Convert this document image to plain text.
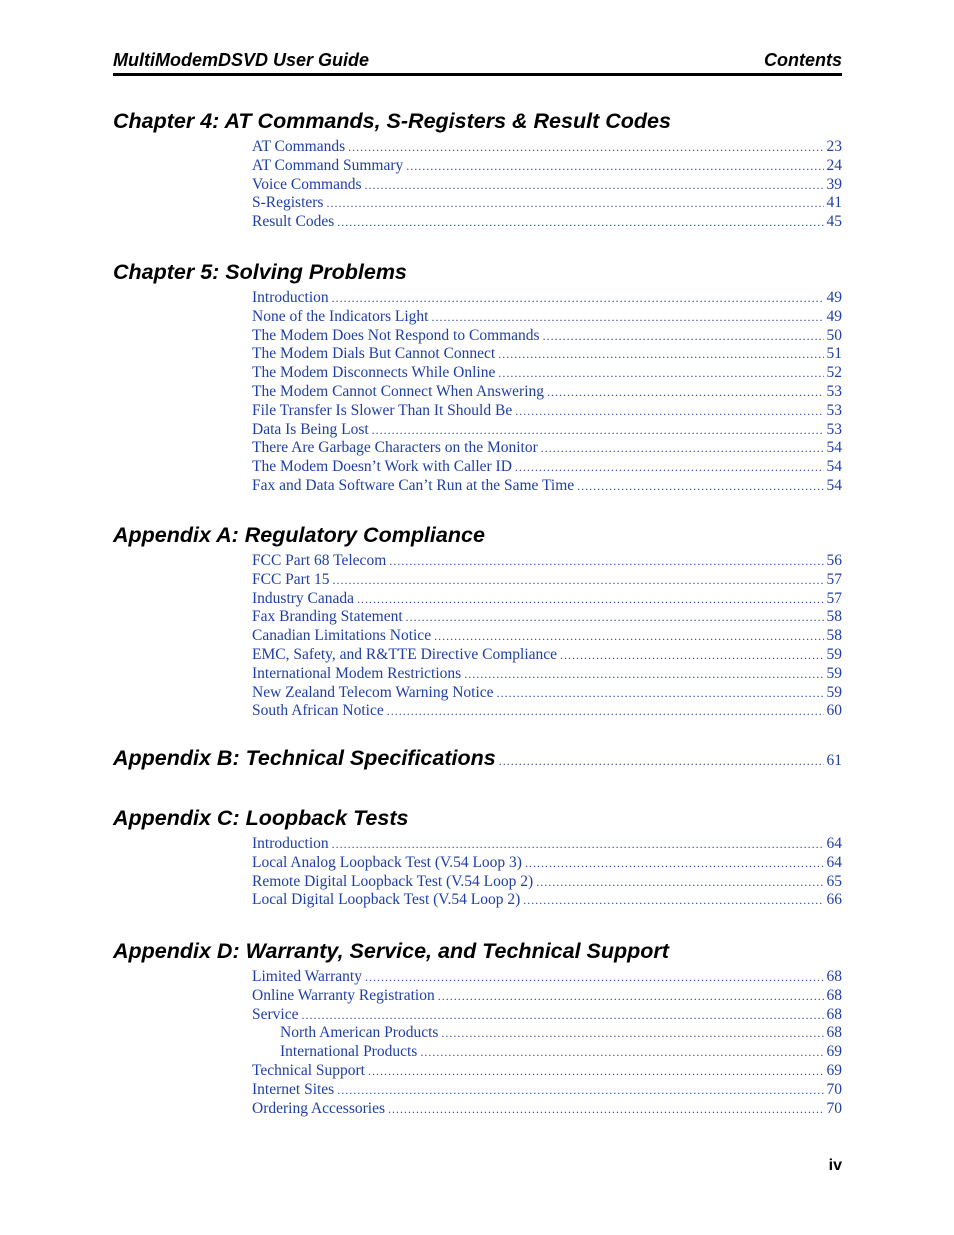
MultiModemDSVD User Guide	Contents
Chapter 4: AT Commands, S-Registers & Result Codes
AT Commands .....	23
AT Command Summary .....	24
Voice Commands .....	39
S-Registers .....	41
Result Codes .....	45
Chapter 5: Solving Problems
Introduction .....	49
None of the Indicators Light .....	49
The Modem Does Not Respond to Commands .....	50
The Modem Dials But Cannot Connect .....	51
The Modem Disconnects While Online .....	52
The Modem Cannot Connect When Answering .....	53
File Transfer Is Slower Than It Should Be .....	53
Data Is Being Lost .....	53
There Are Garbage Characters on the Monitor .....	54
The Modem Doesn’t Work with Caller ID .....	54
Fax and Data Software Can’t Run at the Same Time .....	54
Appendix A: Regulatory Compliance
FCC Part 68 Telecom .....	56
FCC Part 15 .....	57
Industry Canada .....	57
Fax Branding Statement .....	58
Canadian Limitations Notice .....	58
EMC, Safety, and R&TTE Directive Compliance .....	59
International Modem Restrictions .....	59
New Zealand Telecom Warning Notice .....	59
South African Notice .....	60
Appendix B: Technical Specifications .....	61
Appendix C: Loopback Tests
Introduction .....	64
Local Analog Loopback Test (V.54 Loop 3) .....	64
Remote Digital Loopback Test (V.54 Loop 2) .....	65
Local Digital Loopback Test (V.54 Loop 2) .....	66
Appendix D: Warranty, Service, and Technical Support
Limited Warranty .....	68
Online Warranty Registration .....	68
Service .....	68
North American Products .....	68
International Products .....	69
Technical Support .....	69
Internet Sites .....	70
Ordering Accessories .....	70
iv
